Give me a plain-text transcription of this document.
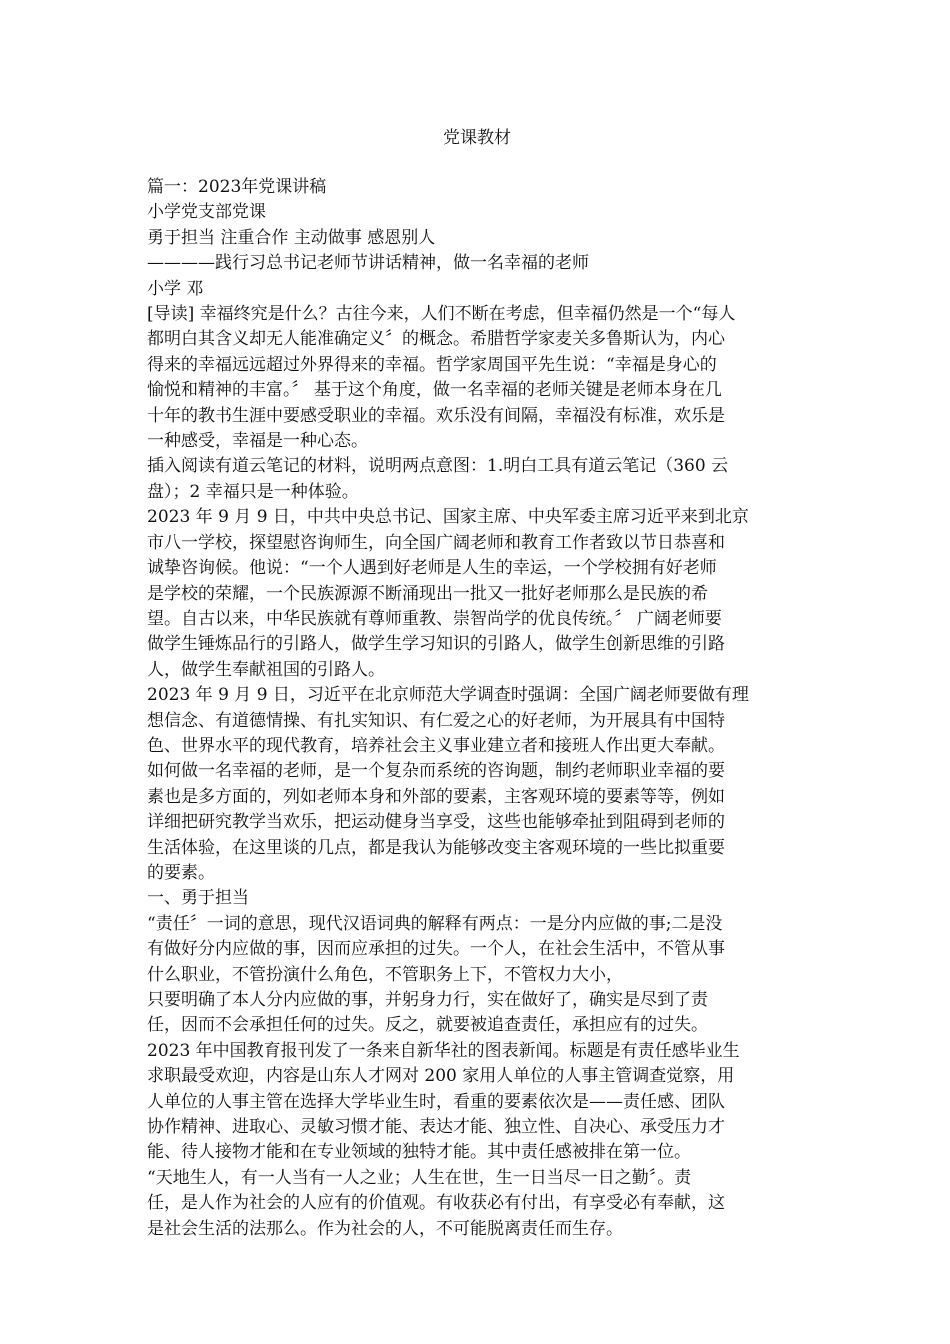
党课教材
篇一：2023年党课讲稿
小学党支部党课
勇于担当 注重合作 主动做事 感恩别人
————践行习总书记老师节讲话精神，做一名幸福的老师
小学 邓
[导读] 幸福终究是什么？古往今来，人们不断在考虑，但幸福仍然是一个“每人
都明白其含义却无人能准确定义〞的概念。希腊哲学家麦关多鲁斯认为，内心
得来的幸福远远超过外界得来的幸福。哲学家周国平先生说：“幸福是身心的
愉悦和精神的丰富。〞 基于这个角度，做一名幸福的老师关键是老师本身在几
十年的教书生涯中要感受职业的幸福。欢乐没有间隔，幸福没有标准，欢乐是
一种感受，幸福是一种心态。
插入阅读有道云笔记的材料，说明两点意图：1.明白工具有道云笔记（360 云
盘）；2 幸福只是一种体验。
2023 年 9 月 9 日，中共中央总书记、国家主席、中央军委主席习近平来到北京
市八一学校，探望慰咨询师生，向全国广阔老师和教育工作者致以节日恭喜和
诚挚咨询候。他说：“一个人遇到好老师是人生的幸运，一个学校拥有好老师
是学校的荣耀，一个民族源源不断涌现出一批又一批好老师那么是民族的希
望。自古以来，中华民族就有尊师重教、崇智尚学的优良传统。〞 广阔老师要
做学生锤炼品行的引路人，做学生学习知识的引路人，做学生创新思维的引路
人，做学生奉献祖国的引路人。
2023 年 9 月 9 日，习近平在北京师范大学调查时强调：全国广阔老师要做有理
想信念、有道德情操、有扎实知识、有仁爱之心的好老师，为开展具有中国特
色、世界水平的现代教育，培养社会主义事业建立者和接班人作出更大奉献。
如何做一名幸福的老师，是一个复杂而系统的咨询题，制约老师职业幸福的要
素也是多方面的，列如老师本身和外部的要素，主客观环境的要素等等，例如
详细把研究教学当欢乐，把运动健身当享受，这些也能够牵扯到阻碍到老师的
生活体验，在这里谈的几点，都是我认为能够改变主客观环境的一些比拟重要
的要素。
一、勇于担当
“责任〞一词的意思，现代汉语词典的解释有两点：一是分内应做的事;二是没
有做好分内应做的事，因而应承担的过失。一个人，在社会生活中，不管从事
什么职业，不管扮演什么角色，不管职务上下，不管权力大小，
只要明确了本人分内应做的事，并躬身力行，实在做好了，确实是尽到了责
任，因而不会承担任何的过失。反之，就要被追查责任，承担应有的过失。
2023 年中国教育报刊发了一条来自新华社的图表新闻。标题是有责任感毕业生
求职最受欢迎，内容是山东人才网对 200 家用人单位的人事主管调查觉察，用
人单位的人事主管在选择大学毕业生时，看重的要素依次是——责任感、团队
协作精神、进取心、灵敏习惯才能、表达才能、独立性、自决心、承受压力才
能、待人接物才能和在专业领域的独特才能。其中责任感被排在第一位。
“天地生人，有一人当有一人之业；人生在世，生一日当尽一日之勤〞。责
任，是人作为社会的人应有的价值观。有收获必有付出，有享受必有奉献，这
是社会生活的法那么。作为社会的人，不可能脱离责任而生存。
